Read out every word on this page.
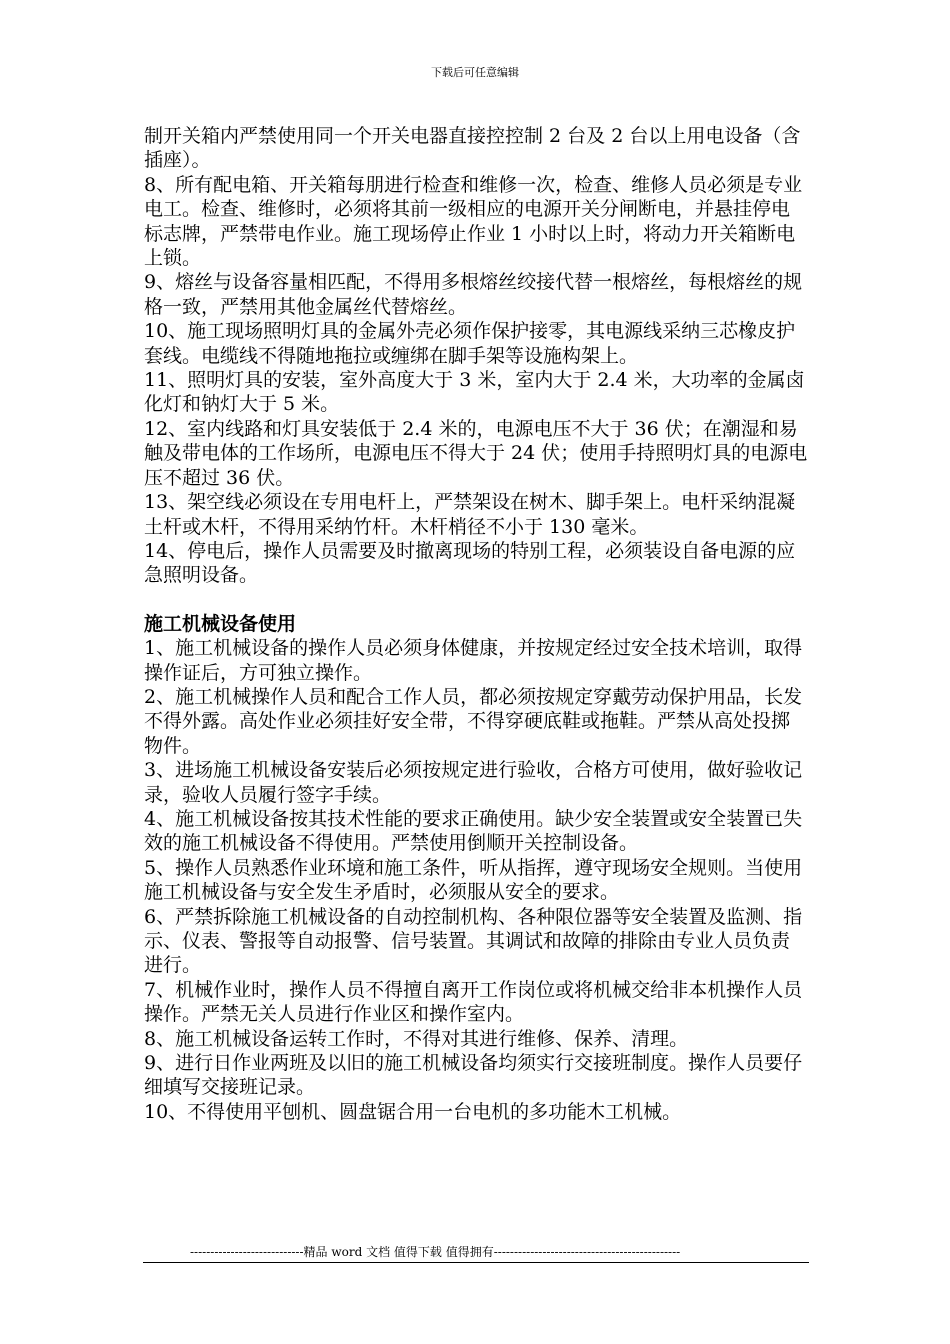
下载后可任意编辑

制开关箱内严禁使用同一个开关电器直接控控制 2 台及 2 台以上用电设备（含插座）。

8、所有配电箱、开关箱每朋进行检查和维修一次，检查、维修人员必须是专业电工。检查、维修时，必须将其前一级相应的电源开关分闸断电，并悬挂停电标志牌，严禁带电作业。施工现场停止作业 1 小时以上时，将动力开关箱断电上锁。

9、熔丝与设备容量相匹配，不得用多根熔丝绞接代替一根熔丝，每根熔丝的规格一致，严禁用其他金属丝代替熔丝。

10、施工现场照明灯具的金属外壳必须作保护接零，其电源线采纳三芯橡皮护套线。电缆线不得随地拖拉或缠绑在脚手架等设施构架上。

11、照明灯具的安装，室外高度大于 3 米，室内大于 2.4 米，大功率的金属卤化灯和钠灯大于 5 米。

12、室内线路和灯具安装低于 2.4 米的，电源电压不大于 36 伏；在潮湿和易触及带电体的工作场所，电源电压不得大于 24 伏；使用手持照明灯具的电源电压不超过 36 伏。

13、架空线必须设在专用电杆上，严禁架设在树木、脚手架上。电杆采纳混凝土杆或木杆，不得用采纳竹杆。木杆梢径不小于 130 毫米。

14、停电后，操作人员需要及时撤离现场的特别工程，必须装设自备电源的应急照明设备。

施工机械设备使用

1、施工机械设备的操作人员必须身体健康，并按规定经过安全技术培训，取得操作证后，方可独立操作。

2、施工机械操作人员和配合工作人员，都必须按规定穿戴劳动保护用品，长发不得外露。高处作业必须挂好安全带，不得穿硬底鞋或拖鞋。严禁从高处投掷物件。

3、进场施工机械设备安装后必须按规定进行验收，合格方可使用，做好验收记录，验收人员履行签字手续。

4、施工机械设备按其技术性能的要求正确使用。缺少安全装置或安全装置已失效的施工机械设备不得使用。严禁使用倒顺开关控制设备。

5、操作人员熟悉作业环境和施工条件，听从指挥，遵守现场安全规则。当使用施工机械设备与安全发生矛盾时，必须服从安全的要求。

6、严禁拆除施工机械设备的自动控制机构、各种限位器等安全装置及监测、指示、仪表、警报等自动报警、信号装置。其调试和故障的排除由专业人员负责进行。

7、机械作业时，操作人员不得擅自离开工作岗位或将机械交给非本机操作人员操作。严禁无关人员进行作业区和操作室内。

8、施工机械设备运转工作时，不得对其进行维修、保养、清理。

9、进行日作业两班及以旧的施工机械设备均须实行交接班制度。操作人员要仔细填写交接班记录。

10、不得使用平刨机、圆盘锯合用一台电机的多功能木工机械。

----------------------------精品 word 文档 值得下载 值得拥有----------------------------------------------
